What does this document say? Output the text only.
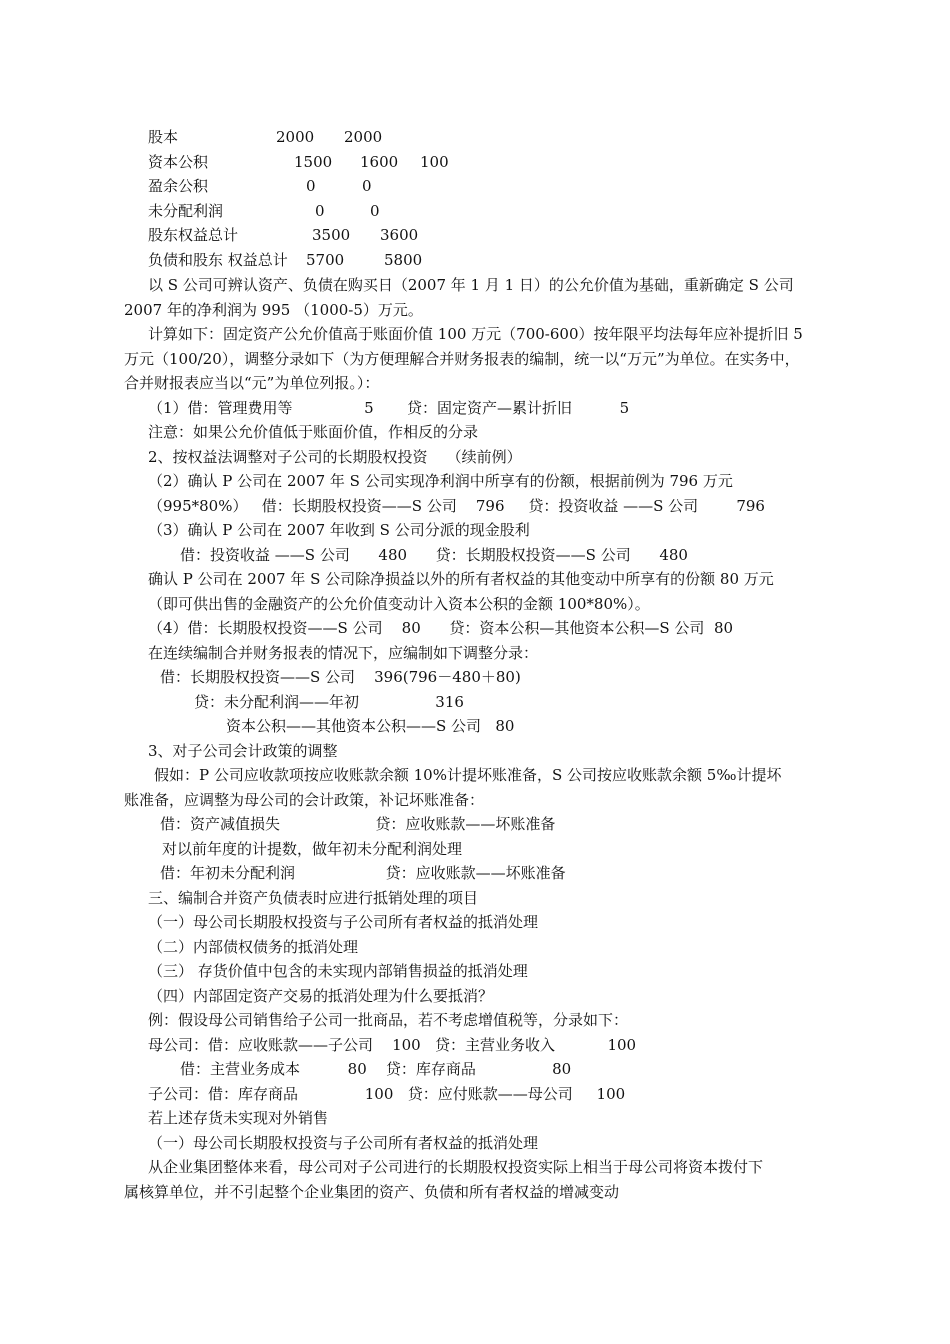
股本	2000 2000
资本公积	1500 1600 100
盈余公积	0	0
未分配利润	0	0
股东权益总计	3500 3600
负债和股东 权益总计 5700	5800
以 S 公司可辨认资产、负债在购买日（2007 年 1 月 1 日）的公允价值为基础，重新确定 S 公司
2007 年的净利润为 995 （1000-5）万元。
计算如下：固定资产公允价值高于账面价值 100 万元（700-600）按年限平均法每年应补提折旧 5
万元（100/20），调整分录如下（为方便理解合并财务报表的编制，统一以“万元”为单位。在实务中，
合并财报表应当以“元”为单位列报。）：
（1）借：管理费用等               5       贷：固定资产—累计折旧          5
注意：如果公允价值低于账面价值，作相反的分录
2、按权益法调整对子公司的长期股权投资    （续前例）
（2）确认 P 公司在 2007 年 S 公司实现净利润中所享有的份额，根据前例为 796 万元
（995*80%）   借：长期股权投资——S 公司    796     贷：投资收益 ——S 公司        796
（3）确认 P 公司在 2007 年收到 S 公司分派的现金股利
借：投资收益 ——S 公司      480      贷：长期股权投资——S 公司      480
确认 P 公司在 2007 年 S 公司除净损益以外的所有者权益的其他变动中所享有的份额 80 万元
（即可供出售的金融资产的公允价值变动计入资本公积的金额 100*80%）。
（4）借：长期股权投资——S 公司    80      贷：资本公积—其他资本公积—S 公司  80
在连续编制合并财务报表的情况下，应编制如下调整分录：
借：长期股权投资——S 公司    396(796－480＋80)
贷：未分配利润——年初                316
资本公积——其他资本公积——S 公司   80
3、对子公司会计政策的调整
假如：P 公司应收款项按应收账款余额 10%计提坏账准备，S 公司按应收账款余额 5‰计提坏
账准备，应调整为母公司的会计政策，补记坏账准备：
借：资产减值损失                    贷：应收账款——坏账准备
对以前年度的计提数，做年初未分配利润处理
借：年初未分配利润                   贷：应收账款——坏账准备
三、编制合并资产负债表时应进行抵销处理的项目
（一）母公司长期股权投资与子公司所有者权益的抵消处理
（二）内部债权债务的抵消处理
（三） 存货价值中包含的未实现内部销售损益的抵消处理
（四）内部固定资产交易的抵消处理为什么要抵消？
例：假设母公司销售给子公司一批商品，若不考虑增值税等，分录如下：
母公司：借：应收账款——子公司    100   贷：主营业务收入           100
借：主营业务成本          80    贷：库存商品                80
子公司：借：库存商品              100   贷：应付账款——母公司     100
若上述存货未实现对外销售
（一）母公司长期股权投资与子公司所有者权益的抵消处理
从企业集团整体来看，母公司对子公司进行的长期股权投资实际上相当于母公司将资本拨付下
属核算单位，并不引起整个企业集团的资产、负债和所有者权益的增减变动
